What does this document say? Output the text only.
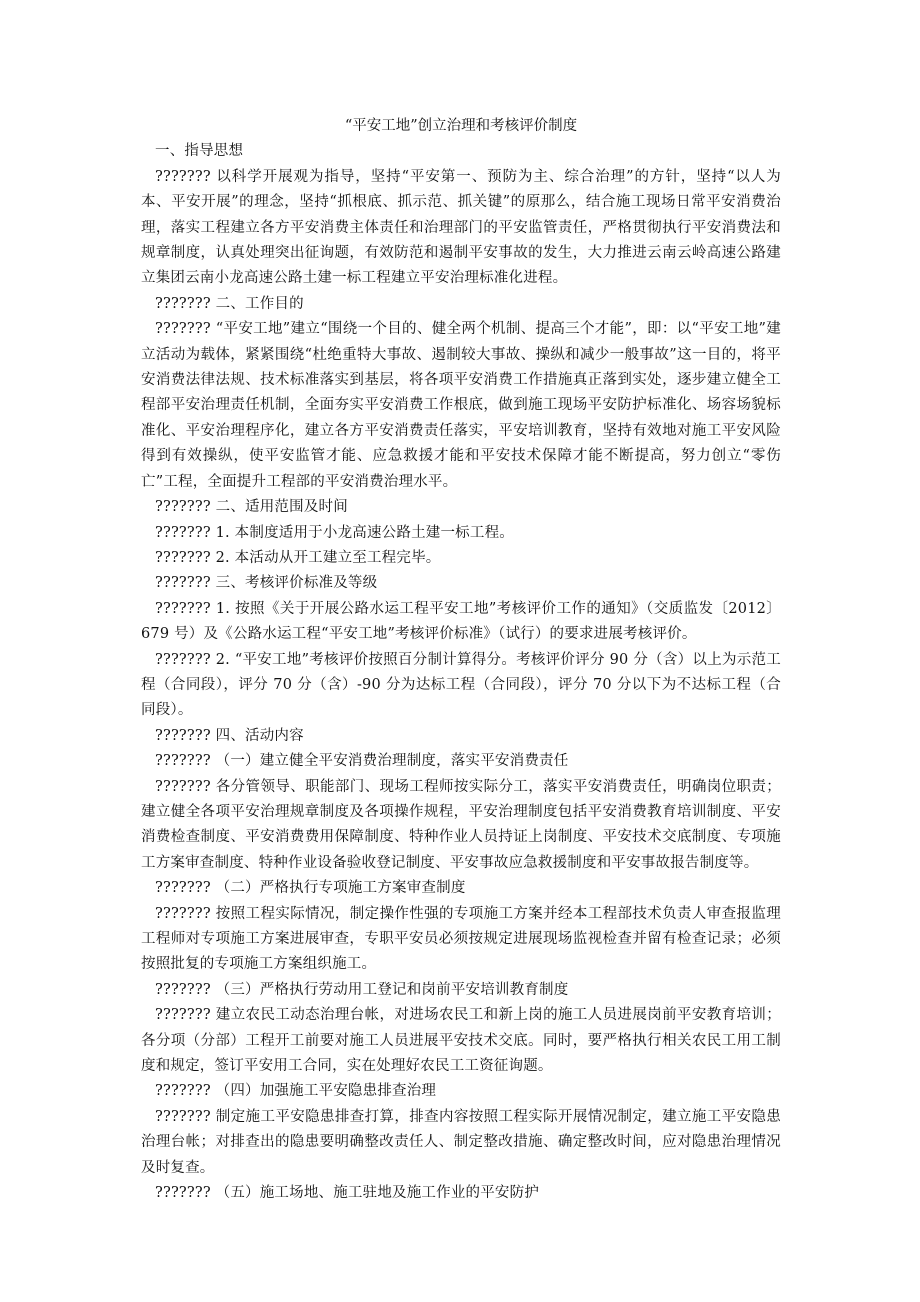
“平安工地”创立治理和考核评价制度

一、指导思想

??????? 以科学开展观为指导，坚持“平安第一、预防为主、综合治理”的方针，坚持“以人为本、平安开展”的理念，坚持“抓根底、抓示范、抓关键”的原那么，结合施工现场日常平安消费治理，落实工程建立各方平安消费主体责任和治理部门的平安监管责任，严格贯彻执行平安消费法和规章制度，认真处理突出征询题，有效防范和遏制平安事故的发生，大力推进云南云岭高速公路建立集团云南小龙高速公路土建一标工程建立平安治理标准化进程。

??????? 二、工作目的

??????? “平安工地”建立“围绕一个目的、健全两个机制、提高三个才能”，即：以“平安工地”建立活动为载体，紧紧围绕“杜绝重特大事故、遏制较大事故、操纵和减少一般事故”这一目的，将平安消费法律法规、技术标准落实到基层，将各项平安消费工作措施真正落到实处，逐步建立健全工程部平安治理责任机制，全面夯实平安消费工作根底，做到施工现场平安防护标准化、场容场貌标准化、平安治理程序化，建立各方平安消费责任落实，平安培训教育，坚持有效地对施工平安风险得到有效操纵，使平安监管才能、应急救援才能和平安技术保障才能不断提高，努力创立“零伤亡”工程，全面提升工程部的平安消费治理水平。

??????? 二、适用范围及时间

??????? 1. 本制度适用于小龙高速公路土建一标工程。

??????? 2. 本活动从开工建立至工程完毕。

??????? 三、考核评价标准及等级

??????? 1. 按照《关于开展公路水运工程平安工地”考核评价工作的通知》（交质监发〔2012〕679 号）及《公路水运工程“平安工地”考核评价标准》（试行）的要求进展考核评价。

??????? 2. “平安工地”考核评价按照百分制计算得分。考核评价评分 90 分（含）以上为示范工程（合同段），评分 70 分（含）-90 分为达标工程（合同段），评分 70 分以下为不达标工程（合同段）。

??????? 四、活动内容

??????? （一）建立健全平安消费治理制度，落实平安消费责任

??????? 各分管领导、职能部门、现场工程师按实际分工，落实平安消费责任，明确岗位职责；建立健全各项平安治理规章制度及各项操作规程，平安治理制度包括平安消费教育培训制度、平安消费检查制度、平安消费费用保障制度、特种作业人员持证上岗制度、平安技术交底制度、专项施工方案审查制度、特种作业设备验收登记制度、平安事故应急救援制度和平安事故报告制度等。

??????? （二）严格执行专项施工方案审查制度

??????? 按照工程实际情况，制定操作性强的专项施工方案并经本工程部技术负责人审查报监理工程师对专项施工方案进展审查，专职平安员必须按规定进展现场监视检查并留有检查记录；必须按照批复的专项施工方案组织施工。

??????? （三）严格执行劳动用工登记和岗前平安培训教育制度

??????? 建立农民工动态治理台帐，对进场农民工和新上岗的施工人员进展岗前平安教育培训；各分项（分部）工程开工前要对施工人员进展平安技术交底。同时，要严格执行相关农民工用工制度和规定，签订平安用工合同，实在处理好农民工工资征询题。

??????? （四）加强施工平安隐患排查治理

??????? 制定施工平安隐患排查打算，排查内容按照工程实际开展情况制定，建立施工平安隐患治理台帐；对排查出的隐患要明确整改责任人、制定整改措施、确定整改时间，应对隐患治理情况及时复查。

??????? （五）施工场地、施工驻地及施工作业的平安防护
